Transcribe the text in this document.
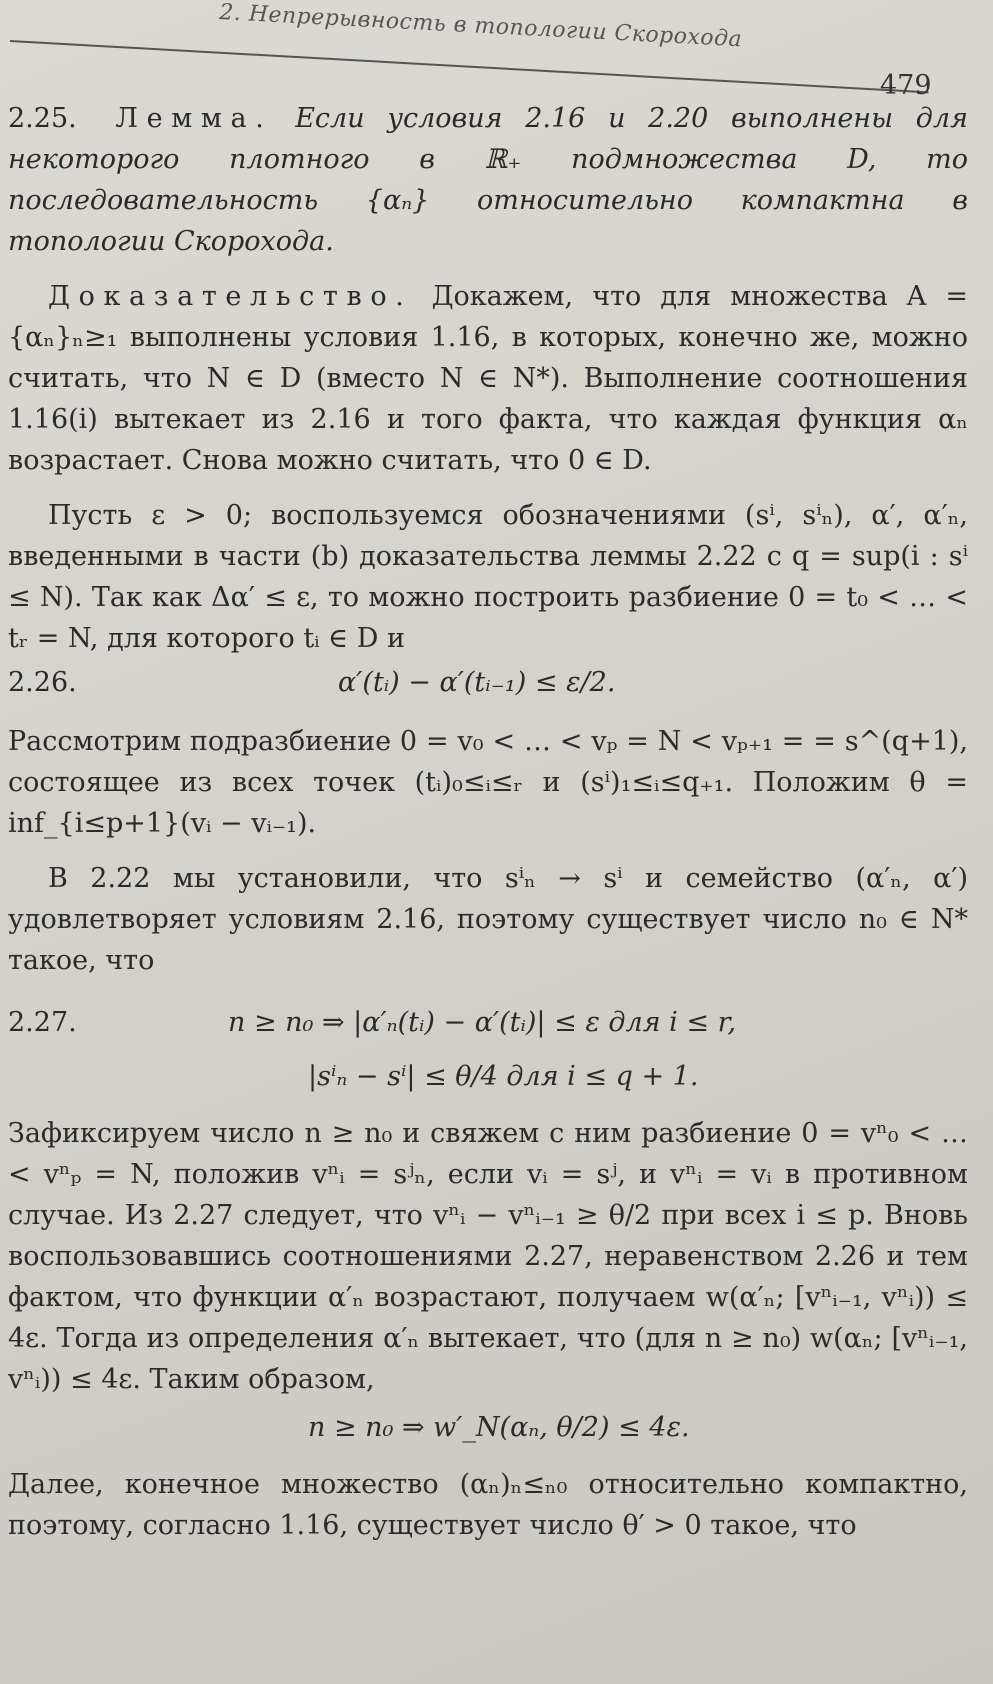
2. Непрерывность в топологии Скорохода
479

2.25. Лемма. Если условия 2.16 и 2.20 выполнены для некоторого плотного в ℝ₊ подмножества D, то последовательность {αₙ} относительно компактна в топологии Скорохода.

Доказательство. Докажем, что для множества A = {αₙ}ₙ≥₁ выполнены условия 1.16, в которых, конечно же, можно считать, что N ∈ D (вместо N ∈ N*). Выполнение соотношения 1.16(i) вытекает из 2.16 и того факта, что каждая функция αₙ возрастает. Снова можно считать, что 0 ∈ D.

Пусть ε > 0; воспользуемся обозначениями (sⁱ, sⁱₙ), α′, α′ₙ, введенными в части (b) доказательства леммы 2.22 с q = sup(i : sⁱ ≤ N). Так как Δα′ ≤ ε, то можно построить разбиение 0 = t₀ < … < tᵣ = N, для которого tᵢ ∈ D и

2.26.	α′(tᵢ) − α′(tᵢ₋₁) ≤ ε/2.

Рассмотрим подразбиение 0 = v₀ < … < vₚ = N < vₚ₊₁ = = s^(q+1), состоящее из всех точек (tᵢ)₀≤ᵢ≤ᵣ и (sⁱ)₁≤ᵢ≤q₊₁. Положим θ = inf_{i≤p+1}(vᵢ − vᵢ₋₁).

В 2.22 мы установили, что sⁱₙ → sⁱ и семейство (α′ₙ, α′) удовлетворяет условиям 2.16, поэтому существует число n₀ ∈ N* такое, что

2.27.	n ≥ n₀ ⇒ |α′ₙ(tᵢ) − α′(tᵢ)| ≤ ε для i ≤ r,
|sⁱₙ − sⁱ| ≤ θ/4 для i ≤ q + 1.

Зафиксируем число n ≥ n₀ и свяжем с ним разбиение 0 = vⁿ₀ < … < vⁿₚ = N, положив vⁿᵢ = sʲₙ, если vᵢ = sʲ, и vⁿᵢ = vᵢ в противном случае. Из 2.27 следует, что vⁿᵢ − vⁿᵢ₋₁ ≥ θ/2 при всех i ≤ p. Вновь воспользовавшись соотношениями 2.27, неравенством 2.26 и тем фактом, что функции α′ₙ возрастают, получаем w(α′ₙ; [vⁿᵢ₋₁, vⁿᵢ)) ≤ 4ε. Тогда из определения α′ₙ вытекает, что (для n ≥ n₀) w(αₙ; [vⁿᵢ₋₁, vⁿᵢ)) ≤ 4ε. Таким образом,

n ≥ n₀ ⇒ w′_N(αₙ, θ/2) ≤ 4ε.

Далее, конечное множество (αₙ)ₙ≤ₙ₀ относительно компактно, поэтому, согласно 1.16, существует число θ′ > 0 такое, что
